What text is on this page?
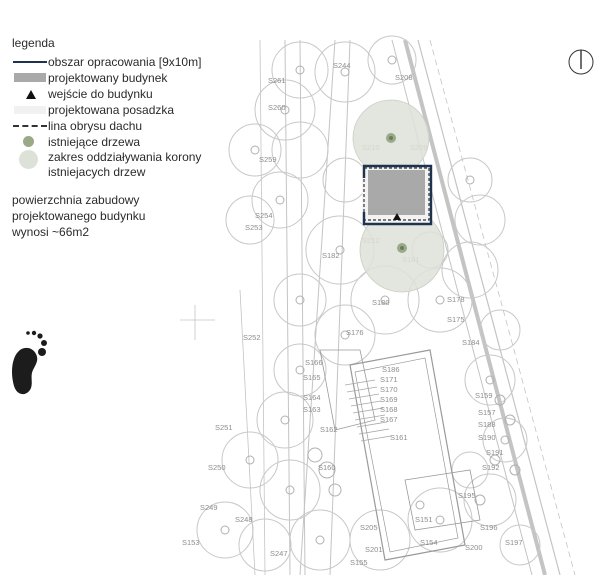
S261
S260
S259
S254
S253
S252
S251
S250
S249
S248
S247
S244
S208
S182
S180
S176
S175
S178
S184
S186
S171
S170
S169
S168
S167
S166
S165
S164
S163
S162
S161
S160
S159
S157
S188
S190
S191
S192
S195
S196
S197
S200
S201
S205
S154
S155
S153
S151
legenda
obszar opracowania [9x10m]
projektowany budynek
wejście do budynku
projektowana posadzka
lina obrysu dachu
istniejące drzewa
zakres oddziaływania korony istniejacych drzew
powierzchnia zabudowy
projektowanego budynku
wynosi ~66m2
